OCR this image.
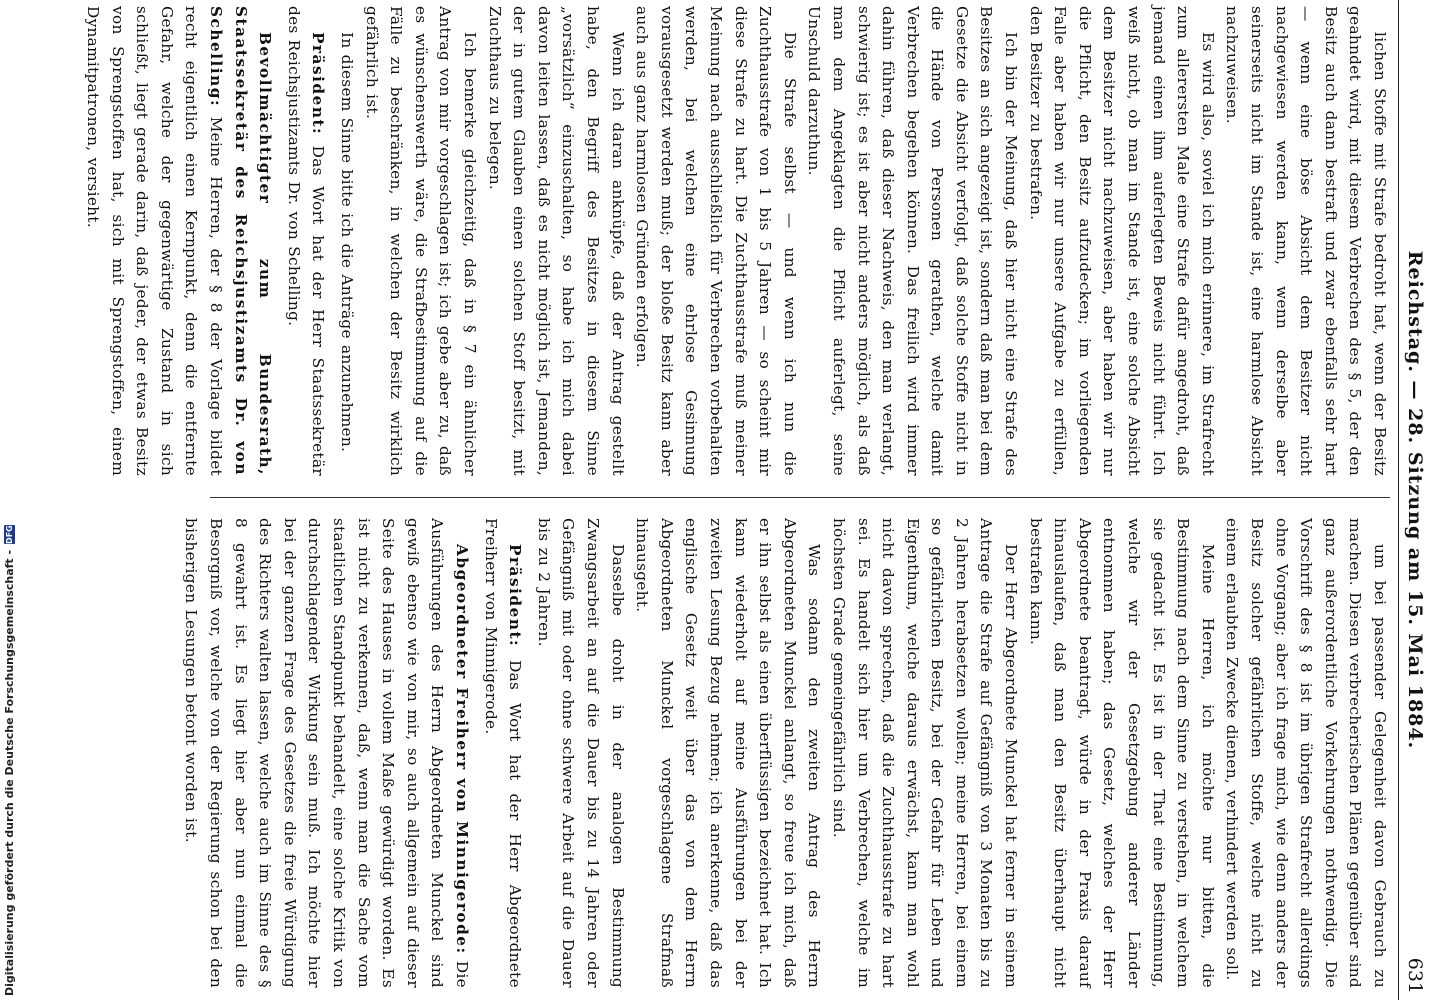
Reichstag. — 28. Sitzung am 15. Mai 1884.
631

lichen Stoffe mit Strafe bedroht hat, wenn der Besitz geahndet wird, mit diesem Verbrechen des § 5, der den Besitz auch dann bestraft und zwar ebenfalls sehr hart — wenn eine böse Absicht dem Besitzer nicht nachgewiesen werden kann, wenn derselbe aber seinerseits nicht im Stande ist, eine harmlose Absicht nachzuweisen.

Es wird also, soviel ich mich erinnere, im Strafrecht zum allerersten Male eine Strafe dafür angedroht, daß jemand einen ihm auferlegten Beweis nicht führt. Ich weiß nicht, ob man im Stande ist, eine solche Absicht dem Besitzer nicht nachzuweisen, aber haben wir nur die Pflicht, den Besitz aufzudecken; im vorliegenden Falle aber haben wir nur unsere Aufgabe zu erfüllen, den Besitzer zu bestrafen.

Ich bin der Meinung, daß hier nicht eine Strafe des Besitzes an sich angezeigt ist, sondern daß man bei dem Gesetze die Absicht verfolgt, daß solche Stoffe nicht in die Hände von Personen gerathen, welche damit Verbrechen begehen können. Das freilich wird immer dahin führen, daß dieser Nachweis, den man verlangt, schwierig ist; es ist aber nicht anders möglich, als daß man dem Angeklagten die Pflicht auferlegt, seine Unschuld darzuthun.

Die Strafe selbst — und wenn ich nun die Zuchthausstrafe von 1 bis 5 Jahren — so scheint mir diese Strafe zu hart. Die Zuchthausstrafe muß meiner Meinung nach ausschließlich für Verbrechen vorbehalten werden, bei welchen eine ehrlose Gesinnung vorausgesetzt werden muß; der bloße Besitz kann aber auch aus ganz harmlosen Gründen erfolgen.

Wenn ich daran anknüpfe, daß der Antrag gestellt habe, den Begriff des Besitzes in diesem Sinne „vorsätzlich“ einzuschalten, so habe ich mich dabei davon leiten lassen, daß es nicht möglich ist, Jemanden, der in gutem Glauben einen solchen Stoff besitzt, mit Zuchthaus zu belegen.

Ich bemerke gleichzeitig, daß in § 7 ein ähnlicher Antrag von mir vorgeschlagen ist; ich gebe aber zu, daß es wünschenswerth wäre, die Strafbestimmung auf die Fälle zu beschränken, in welchen der Besitz wirklich gefährlich ist.

In diesem Sinne bitte ich die Anträge anzunehmen.

Präsident: Das Wort hat der Herr Staatssekretär des Reichsjustizamts Dr. von Schelling.

Bevollmächtigter zum Bundesrath, Staatssekretär des Reichsjustizamts Dr. von Schelling: Meine Herren, der § 8 der Vorlage bildet recht eigentlich einen Kernpunkt, denn die entfernte Gefahr, welche der gegenwärtige Zustand in sich schließt, liegt gerade darin, daß jeder, der etwas Besitz von Sprengstoffen hat, sich mit Sprengstoffen, einem Dynamitpatronen, versieht.

um bei passender Gelegenheit davon Gebrauch zu machen. Diesen verbrecherischen Plänen gegenüber sind ganz außerordentliche Vorkehrungen nothwendig. Die Vorschrift des § 8 ist im übrigen Strafrecht allerdings ohne Vorgang; aber ich frage mich, wie denn anders der Besitz solcher gefährlichen Stoffe, welche nicht zu einem erlaubten Zwecke dienen, verhindert werden soll.

Meine Herren, ich möchte nur bitten, die Bestimmung nach dem Sinne zu verstehen, in welchem sie gedacht ist. Es ist in der That eine Bestimmung, welche wir der Gesetzgebung anderer Länder entnommen haben; das Gesetz, welches der Herr Abgeordnete beantragt, würde in der Praxis darauf hinauslaufen, daß man den Besitz überhaupt nicht bestrafen kann.

Der Herr Abgeordnete Munckel hat ferner in seinem Antrage die Strafe auf Gefängniß von 3 Monaten bis zu 2 Jahren herabsetzen wollen; meine Herren, bei einem so gefährlichen Besitz, bei der Gefahr für Leben und Eigenthum, welche daraus erwächst, kann man wohl nicht davon sprechen, daß die Zuchthausstrafe zu hart sei. Es handelt sich hier um Verbrechen, welche im höchsten Grade gemeingefährlich sind.

Was sodann den zweiten Antrag des Herrn Abgeordneten Munckel anlangt, so freue ich mich, daß er ihn selbst als einen überflüssigen bezeichnet hat. Ich kann wiederholt auf meine Ausführungen bei der zweiten Lesung Bezug nehmen; ich anerkenne, daß das englische Gesetz weit über das von dem Herrn Abgeordneten Munckel vorgeschlagene Strafmaß hinausgeht.

Dasselbe droht in der analogen Bestimmung Zwangsarbeit an auf die Dauer bis zu 14 Jahren oder Gefängniß mit oder ohne schwere Arbeit auf die Dauer bis zu 2 Jahren.

Präsident: Das Wort hat der Herr Abgeordnete Freiherr von Minnigerode.

Abgeordneter Freiherr von Minnigerode: Die Ausführungen des Herrn Abgeordneten Munckel sind gewiß ebenso wie von mir, so auch allgemein auf dieser Seite des Hauses in vollem Maße gewürdigt worden. Es ist nicht zu verkennen, daß, wenn man die Sache vom staatlichen Standpunkt behandelt, eine solche Kritik von durchschlagender Wirkung sein muß. Ich möchte hier bei der ganzen Frage des Gesetzes die freie Würdigung des Richters walten lassen, welche auch im Sinne des § 8 gewahrt ist. Es liegt hier aber nun einmal die Besorgniß vor, welche von der Regierung schon bei den bisherigen Lesungen betont worden ist.

Digitalisierung gefördert durch die Deutsche Forschungsgemeinschaft -
DFG
